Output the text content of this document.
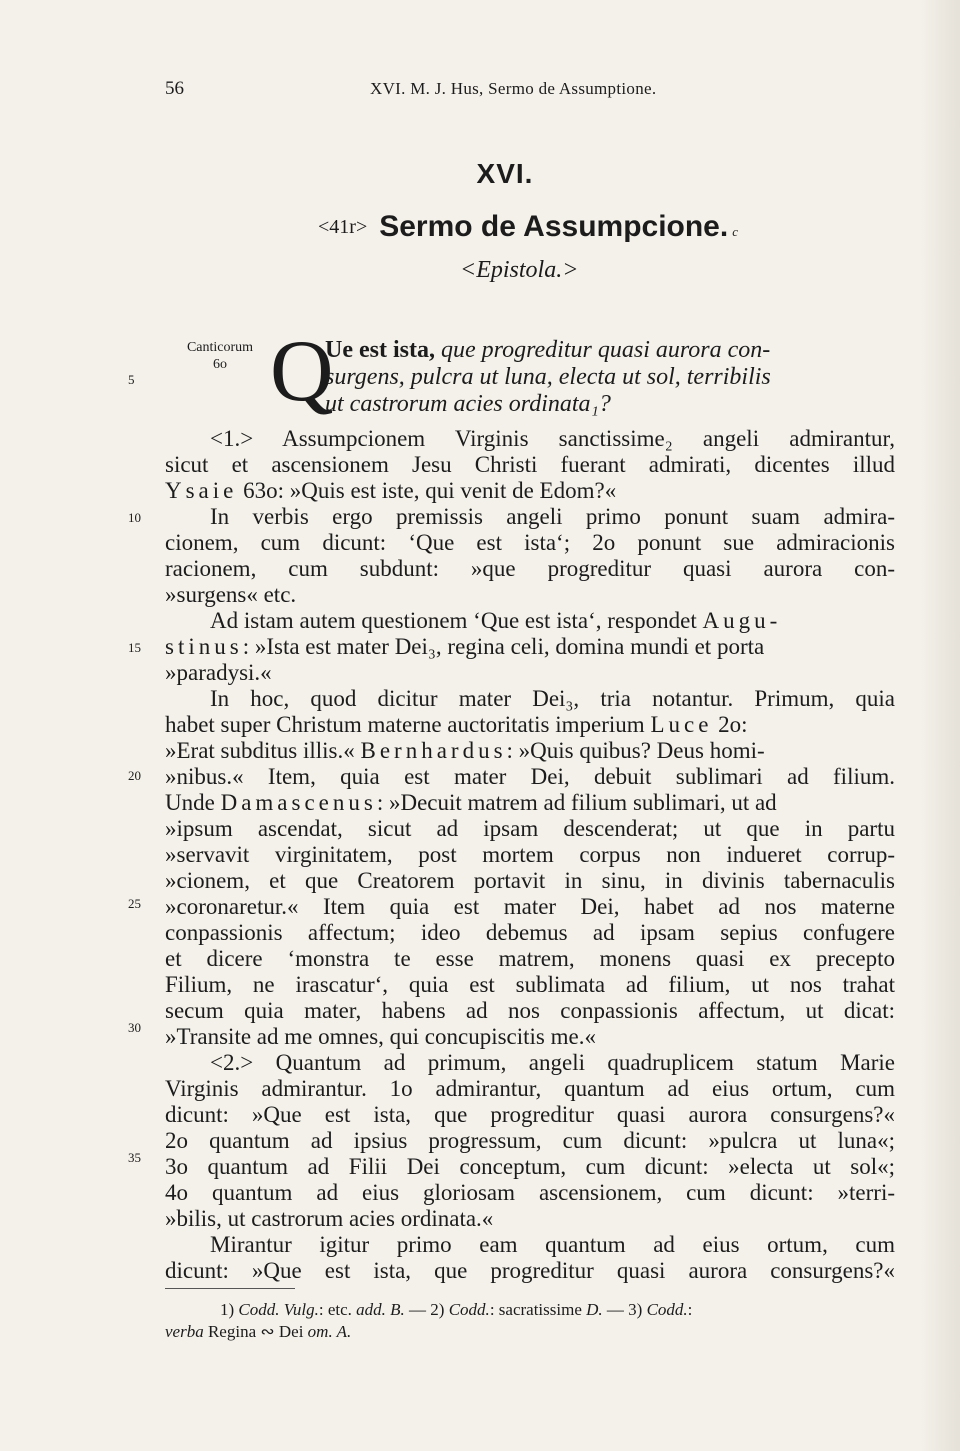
56	XVI. M. J. Hus, Sermo de Assumptione.
XVI.
<41r> Sermo de Assumpcione. c
<Epistola.>
Canticorum
6o Q
Ue est ista, que progreditur quasi aurora con-
surgens, pulcra ut luna, electa ut sol, terribilis
ut castrorum acies ordinata₁?
5
10
15
20
25
30
35
<1.> Assumpcionem Virginis sanctissime₂ angeli admirantur,
sicut et ascensionem Jesu Christi fuerant admirati, dicentes illud
Ysaie 63o: »Quis est iste, qui venit de Edom?«
In verbis ergo premissis angeli primo ponunt suam admira-
cionem, cum dicunt: ‘Que est ista‘; 2o ponunt sue admiracionis
racionem, cum subdunt: »que progreditur quasi aurora con-
»surgens« etc.
Ad istam autem questionem ‘Que est ista‘, respondet Augu-
stinus: »Ista est mater Dei₃, regina celi, domina mundi et porta
»paradysi.«
In hoc, quod dicitur mater Dei₃, tria notantur. Primum, quia
habet super Christum materne auctoritatis imperium Luce 2o:
»Erat subditus illis.« Bernhardus: »Quis quibus? Deus homi-
»nibus.« Item, quia est mater Dei, debuit sublimari ad filium.
Unde Damascenus: »Decuit matrem ad filium sublimari, ut ad
»ipsum ascendat, sicut ad ipsam descenderat; ut que in partu
»servavit virginitatem, post mortem corpus non indueret corrup-
»cionem, et que Creatorem portavit in sinu, in divinis tabernaculis
»coronaretur.« Item quia est mater Dei, habet ad nos materne
conpassionis affectum; ideo debemus ad ipsam sepius confugere
et dicere ‘monstra te esse matrem, monens quasi ex precepto
Filium, ne irascatur‘, quia est sublimata ad filium, ut nos trahat
secum quia mater, habens ad nos conpassionis affectum, ut dicat:
»Transite ad me omnes, qui concupiscitis me.«
<2.> Quantum ad primum, angeli quadruplicem statum Marie
Virginis admirantur. 1o admirantur, quantum ad eius ortum, cum
dicunt: »Que est ista, que progreditur quasi aurora consurgens?«
2o quantum ad ipsius progressum, cum dicunt: »pulcra ut luna«;
3o quantum ad Filii Dei conceptum, cum dicunt: »electa ut sol«;
4o quantum ad eius gloriosam ascensionem, cum dicunt: »terri-
»bilis, ut castrorum acies ordinata.«
Mirantur igitur primo eam quantum ad eius ortum, cum
dicunt: »Que est ista, que progreditur quasi aurora consurgens?«
1) Codd. Vulg.: etc. add. B. — 2) Codd.: sacratissime D. — 3) Codd.:
verba Regina ∾ Dei om. A.
